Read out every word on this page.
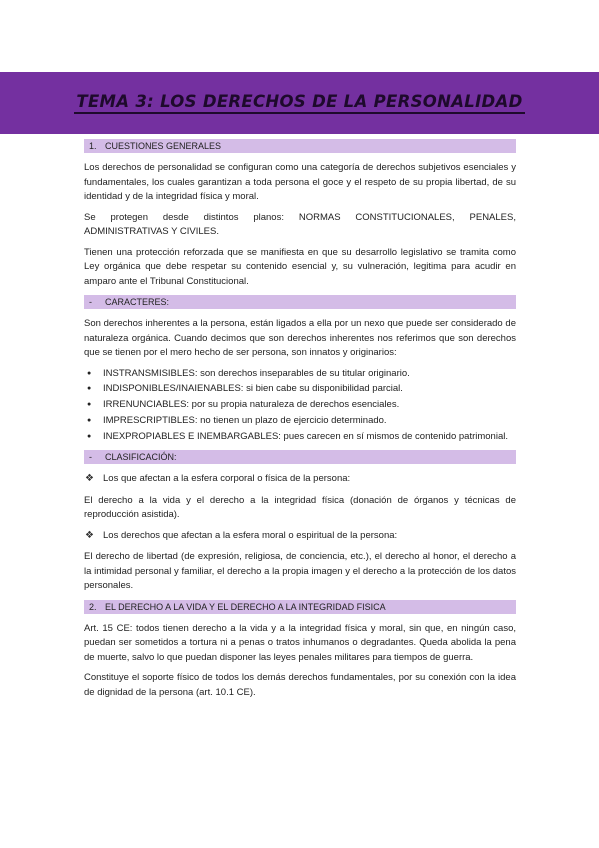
TEMA 3: LOS DERECHOS DE LA PERSONALIDAD
1. CUESTIONES GENERALES

Los derechos de personalidad se configuran como una categoría de derechos subjetivos esenciales y fundamentales, los cuales garantizan a toda persona el goce y el respeto de su propia libertad, de su identidad y de la integridad física y moral.

Se protegen desde distintos planos: NORMAS CONSTITUCIONALES, PENALES, ADMINISTRATIVAS Y CIVILES.

Tienen una protección reforzada que se manifiesta en que su desarrollo legislativo se tramita como Ley orgánica que debe respetar su contenido esencial y, su vulneración, legitima para acudir en amparo ante el Tribunal Constitucional.

- CARACTERES:

Son derechos inherentes a la persona, están ligados a ella por un nexo que puede ser considerado de naturaleza orgánica. Cuando decimos que son derechos inherentes nos referimos que son derechos que se tienen por el mero hecho de ser persona, son innatos y originarios:

● INSTRANSMISIBLES: son derechos inseparables de su titular originario.
● INDISPONIBLES/INAIENABLES: si bien cabe su disponibilidad parcial.
● IRRENUNCIABLES: por su propia naturaleza de derechos esenciales.
● IMPRESCRIPTIBLES: no tienen un plazo de ejercicio determinado.
● INEXPROPIABLES E INEMBARGABLES: pues carecen en sí mismos de contenido patrimonial.
- CLASIFICACIÓN:
❖ Los que afectan a la esfera corporal o física de la persona:

El derecho a la vida y el derecho a la integridad física (donación de órganos y técnicas de reproducción asistida).

❖ Los derechos que afectan a la esfera moral o espiritual de la persona:

El derecho de libertad (de expresión, religiosa, de conciencia, etc.), el derecho al honor, el derecho a la intimidad personal y familiar, el derecho a la propia imagen y el derecho a la protección de los datos personales.

2. EL DERECHO A LA VIDA Y EL DERECHO A LA INTEGRIDAD FISICA

Art. 15 CE: todos tienen derecho a la vida y a la integridad física y moral, sin que, en ningún caso, puedan ser sometidos a tortura ni a penas o tratos inhumanos o degradantes. Queda abolida la pena de muerte, salvo lo que puedan disponer las leyes penales militares para tiempos de guerra.

Constituye el soporte físico de todos los demás derechos fundamentales, por su conexión con la idea de dignidad de la persona (art. 10.1 CE).
